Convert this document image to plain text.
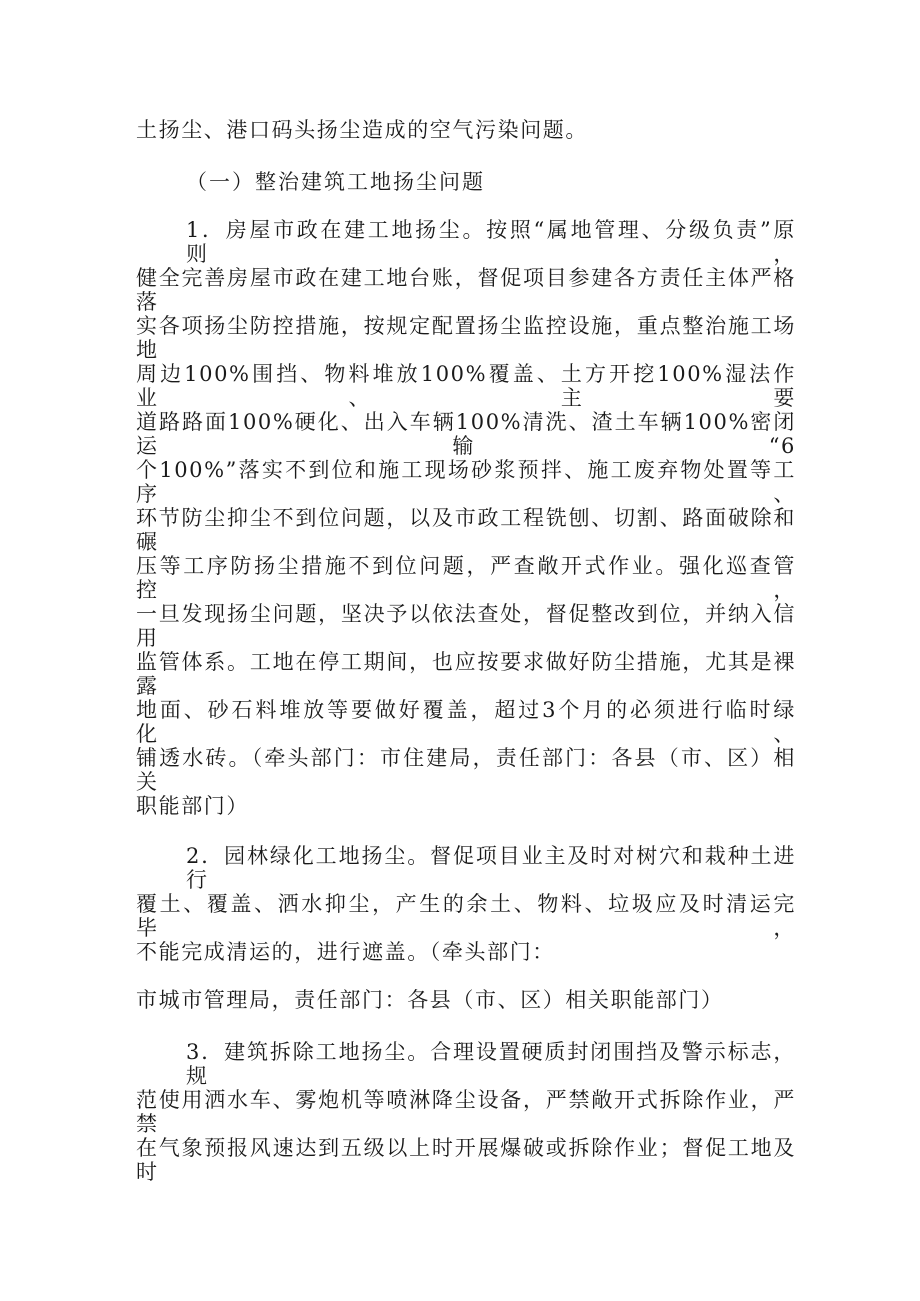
土扬尘、港口码头扬尘造成的空气污染问题。
（一）整治建筑工地扬尘问题
1．房屋市政在建工地扬尘。按照“属地管理、分级负责”原则，
健全完善房屋市政在建工地台账，督促项目参建各方责任主体严格落
实各项扬尘防控措施，按规定配置扬尘监控设施，重点整治施工场地
周边100%围挡、物料堆放100%覆盖、土方开挖100%湿法作业、主要
道路路面100%硬化、出入车辆100%清洗、渣土车辆100%密闭运输“6
个100%”落实不到位和施工现场砂浆预拌、施工废弃物处置等工序、
环节防尘抑尘不到位问题，以及市政工程铣刨、切割、路面破除和碾
压等工序防扬尘措施不到位问题，严查敞开式作业。强化巡查管控，
一旦发现扬尘问题，坚决予以依法查处，督促整改到位，并纳入信用
监管体系。工地在停工期间，也应按要求做好防尘措施，尤其是裸露
地面、砂石料堆放等要做好覆盖，超过3个月的必须进行临时绿化、
铺透水砖。（牵头部门：市住建局，责任部门：各县（市、区）相关
职能部门）
2．园林绿化工地扬尘。督促项目业主及时对树穴和栽种土进行
覆土、覆盖、洒水抑尘，产生的余土、物料、垃圾应及时清运完毕，
不能完成清运的，进行遮盖。（牵头部门：
市城市管理局，责任部门：各县（市、区）相关职能部门）
3．建筑拆除工地扬尘。合理设置硬质封闭围挡及警示标志，规
范使用洒水车、雾炮机等喷淋降尘设备，严禁敞开式拆除作业，严禁
在气象预报风速达到五级以上时开展爆破或拆除作业；督促工地及时
